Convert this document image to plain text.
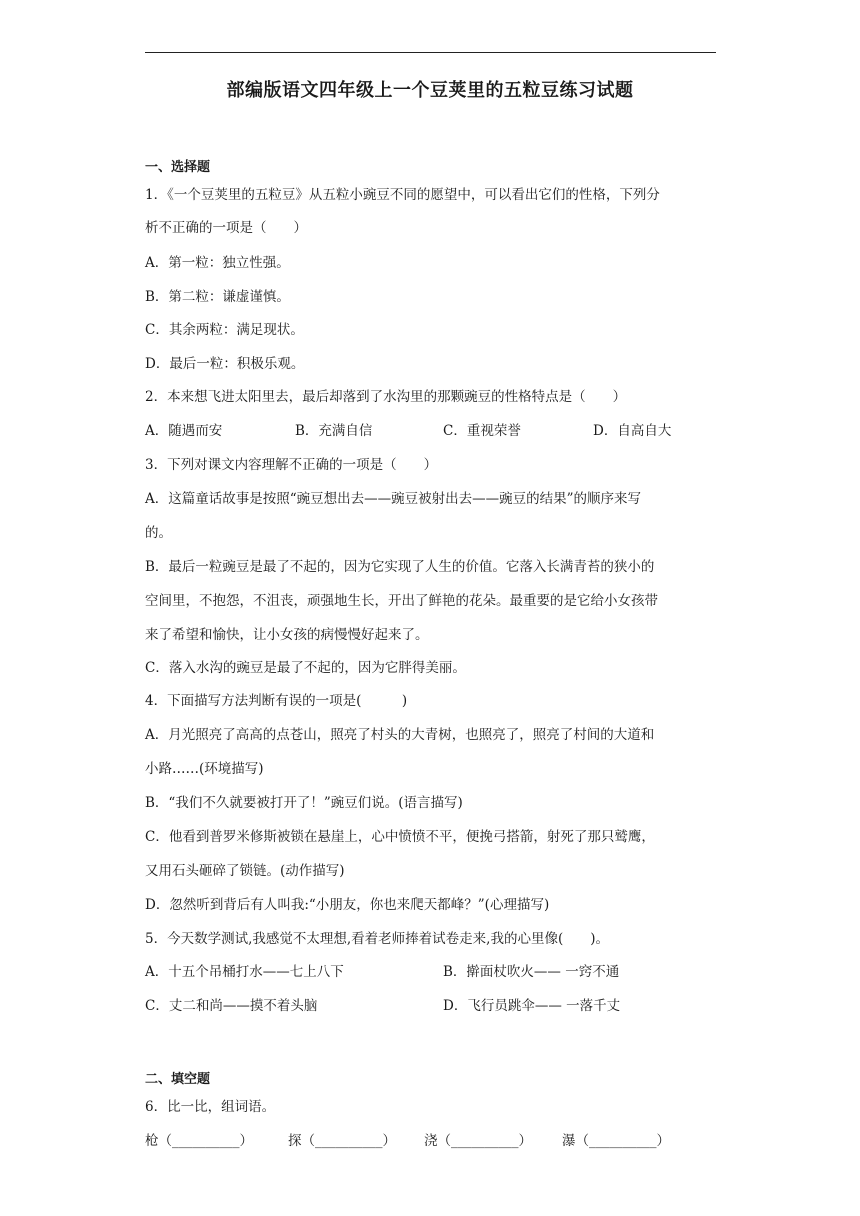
部编版语文四年级上一个豆荚里的五粒豆练习试题
一、选择题
1．《一个豆荚里的五粒豆》从五粒小豌豆不同的愿望中，可以看出它们的性格，下列分
析不正确的一项是（　　）
A．第一粒：独立性强。
B．第二粒：谦虚谨慎。
C．其余两粒：满足现状。
D．最后一粒：积极乐观。
2．本来想飞进太阳里去，最后却落到了水沟里的那颗豌豆的性格特点是（　　）
A．随遇而安	B．充满自信	C．重视荣誉	D．自高自大
3．下列对课文内容理解不正确的一项是（　　）
A．这篇童话故事是按照“豌豆想出去——豌豆被射出去——豌豆的结果”的顺序来写
的。
B．最后一粒豌豆是最了不起的，因为它实现了人生的价值。它落入长满青苔的狭小的
空间里，不抱怨，不沮丧，顽强地生长，开出了鲜艳的花朵。最重要的是它给小女孩带
来了希望和愉快，让小女孩的病慢慢好起来了。
C．落入水沟的豌豆是最了不起的，因为它胖得美丽。
4．下面描写方法判断有误的一项是(　　　)
A．月光照亮了高高的点苍山，照亮了村头的大青树，也照亮了，照亮了村间的大道和
小路……(环境描写)
B．“我们不久就要被打开了！”豌豆们说。(语言描写)
C．他看到普罗米修斯被锁在悬崖上，心中愤愤不平，便挽弓搭箭，射死了那只鹫鹰，
又用石头砸碎了锁链。(动作描写)
D．忽然听到背后有人叫我:“小朋友，你也来爬天都峰？”(心理描写)
5．今天数学测试,我感觉不太理想,看着老师捧着试卷走来,我的心里像(　　)。
A．十五个吊桶打水——七上八下	B．擀面杖吹火—— 一窍不通
C．丈二和尚——摸不着头脑	D．飞行员跳伞—— 一落千丈
二、填空题
6．比一比，组词语。
枪（__________）	探（__________） 浇（__________） 瀑（__________）
